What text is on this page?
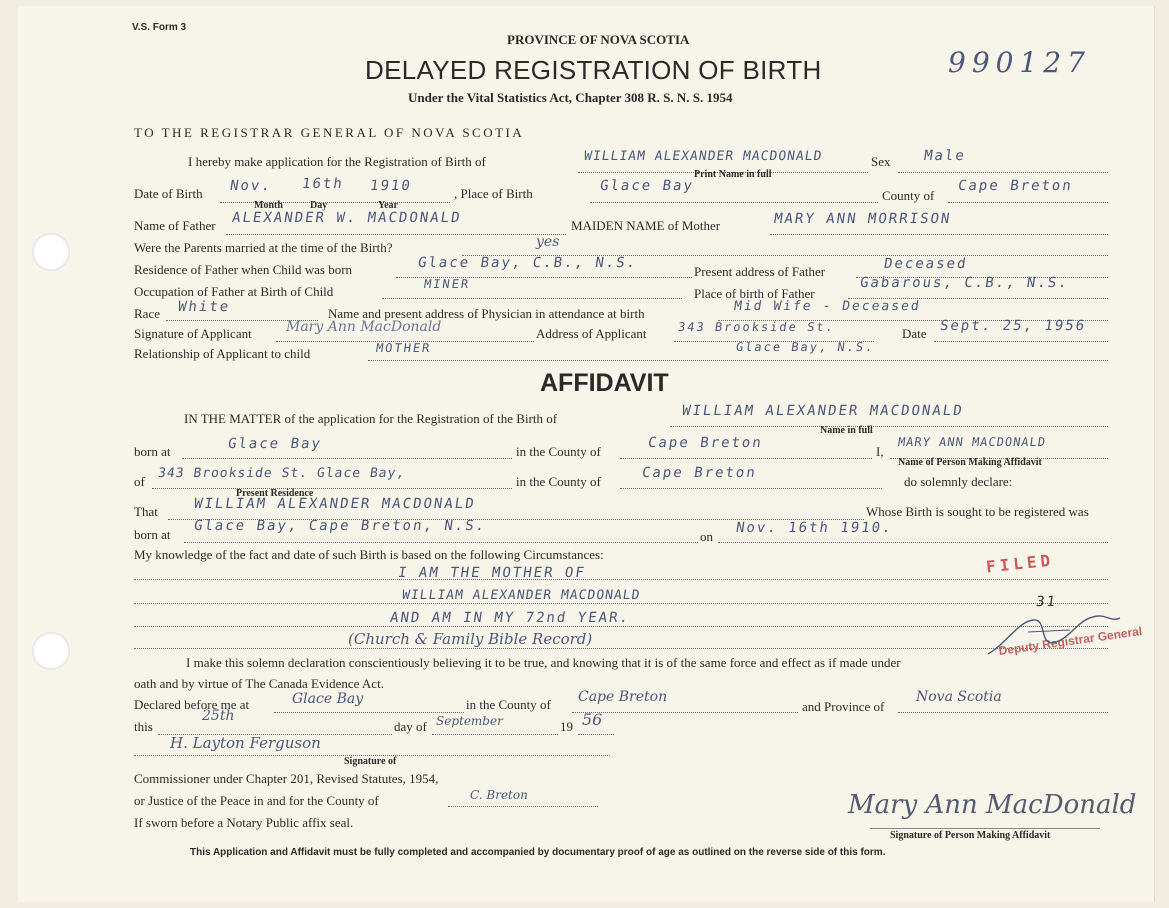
V.S. Form 3
PROVINCE OF NOVA SCOTIA
DELAYED REGISTRATION OF BIRTH
Under the Vital Statistics Act, Chapter 308 R. S. N. S. 1954
990127
TO THE REGISTRAR GENERAL OF NOVA SCOTIA
I hereby make application for the Registration of Birth of	WILLIAM ALEXANDER MACDONALD
Print Name in full
Sex Male
Date of Birth Nov. 16th 1910
Month	Day	Year
, Place of Birth	Glace Bay
County of
Cape Breton
Name of Father ALEXANDER W. MACDONALD	MAIDEN NAME of Mother	MARY ANN MORRISON
Were the Parents married at the time of the Birth?	yes
Residence of Father when Child was born	Glace Bay, C.B., N.S.
Present address of Father	Deceased
Occupation of Father at Birth of Child	MINER
Place of birth of Father
Gabarous, C.B., N.S.
Race White	Name and present address of Physician in attendance at birth	Mid Wife - Deceased
Signature of Applicant Mary Ann MacDonald	Address of Applicant	343 Brookside St.	Date Sept. 25, 1956
Relationship of Applicant to child	MOTHER	Glace Bay, N.S.
AFFIDAVIT
IN THE MATTER of the application for the Registration of the Birth of	WILLIAM ALEXANDER MACDONALD
Name in full
born at	Glace Bay	in the County of
Cape Breton
I,
MARY ANN MACDONALD
Name of Person Making Affidavit
of
343 Brookside St. Glace Bay,
Present Residence
in the County of
Cape Breton
do solemnly declare:
That	WILLIAM ALEXANDER MACDONALD	Whose Birth is sought to be registered was
born at
Glace Bay, Cape Breton, N.S.
on
Nov. 16th 1910.
My knowledge of the fact and date of such Birth is based on the following Circumstances:
I AM THE MOTHER OF
WILLIAM ALEXANDER MACDONALD
AND AM IN MY 72nd YEAR.
(Church & Family Bible Record)
I make this solemn declaration conscientiously believing it to be true, and knowing that it is of the same force and effect as if made under
oath and by virtue of The Canada Evidence Act.
Declared before me at	Glace Bay	in the County of Cape Breton
and Province of
Nova Scotia
this
25th
day of September	19 56
H. Layton Ferguson
Signature of
Commissioner under Chapter 201, Revised Statutes, 1954,
or Justice of the Peace in and for the County of	C. Breton
If sworn before a Notary Public affix seal.
Mary Ann MacDonald
Signature of Person Making Affidavit
FILED
31
Deputy Registrar General
This Application and Affidavit must be fully completed and accompanied by documentary proof of age as outlined on the reverse side of this form.
